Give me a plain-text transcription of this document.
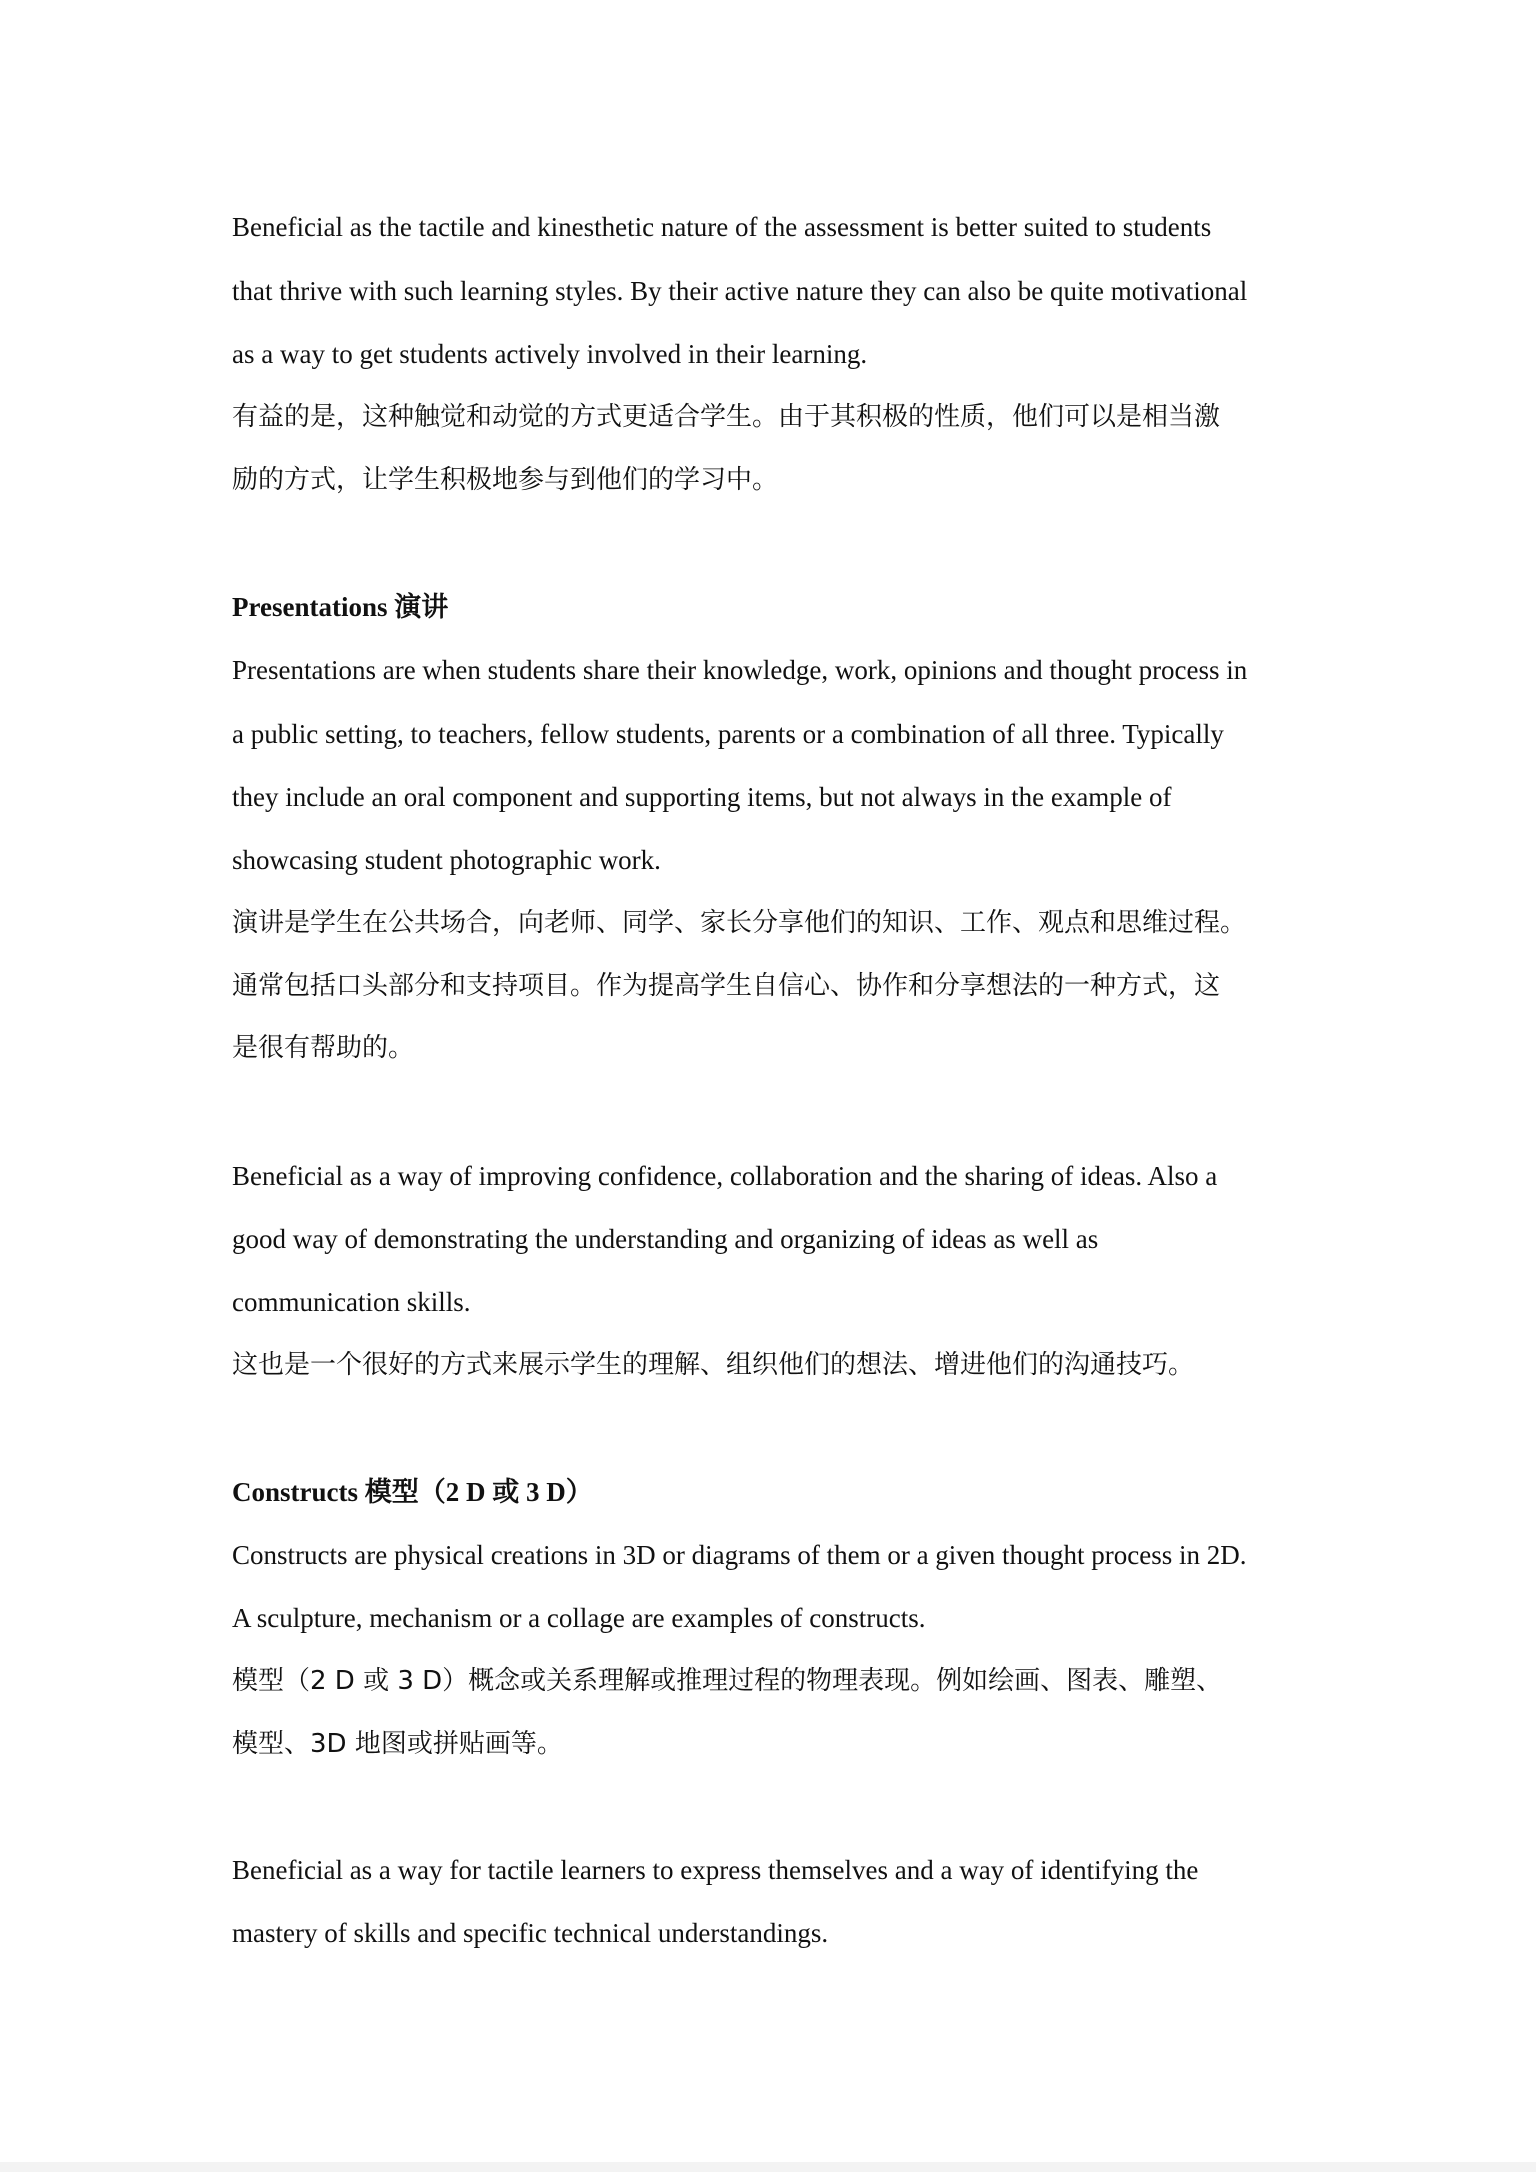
Beneficial as the tactile and kinesthetic nature of the assessment is better suited to students
that thrive with such learning styles. By their active nature they can also be quite motivational
as a way to get students actively involved in their learning.
有益的是，这种触觉和动觉的方式更适合学生。由于其积极的性质，他们可以是相当激
励的方式，让学生积极地参与到他们的学习中。
Presentations 演讲
Presentations are when students share their knowledge, work, opinions and thought process in
a public setting, to teachers, fellow students, parents or a combination of all three. Typically
they include an oral component and supporting items, but not always in the example of
showcasing student photographic work.
演讲是学生在公共场合，向老师、同学、家长分享他们的知识、工作、观点和思维过程。
通常包括口头部分和支持项目。作为提高学生自信心、协作和分享想法的一种方式，这
是很有帮助的。
Beneficial as a way of improving confidence, collaboration and the sharing of ideas. Also a
good way of demonstrating the understanding and organizing of ideas as well as
communication skills.
这也是一个很好的方式来展示学生的理解、组织他们的想法、增进他们的沟通技巧。
Constructs 模型（2 D 或 3 D）
Constructs are physical creations in 3D or diagrams of them or a given thought process in 2D.
A sculpture, mechanism or a collage are examples of constructs.
模型（2 D 或 3 D）概念或关系理解或推理过程的物理表现。例如绘画、图表、雕塑、
模型、3D 地图或拼贴画等。
Beneficial as a way for tactile learners to express themselves and a way of identifying the
mastery of skills and specific technical understandings.
